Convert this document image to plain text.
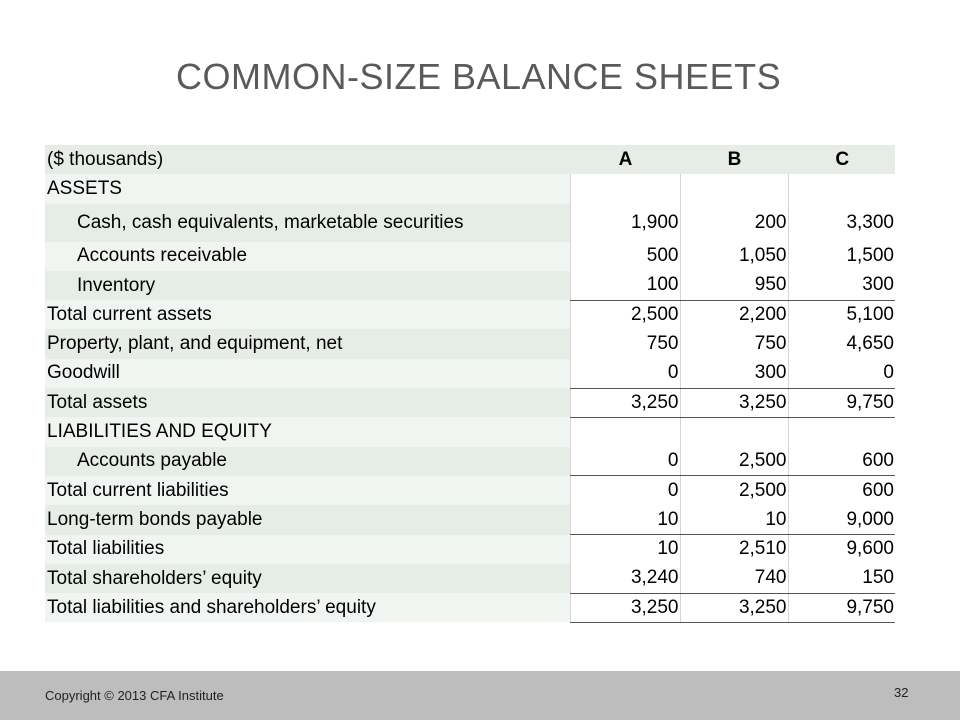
COMMON-SIZE BALANCE SHEETS
($ thousands)	A	B	C
ASSETS			
Cash, cash equivalents, marketable securities	1,900	200	3,300
Accounts receivable	500	1,050	1,500
Inventory	100	950	300
Total current assets	2,500	2,200	5,100
Property, plant, and equipment, net	750	750	4,650
Goodwill	0	300	0
Total assets	3,250	3,250	9,750
LIABILITIES AND EQUITY			
Accounts payable	0	2,500	600
Total current liabilities	0	2,500	600
Long-term bonds payable	10	10	9,000
Total liabilities	10	2,510	9,600
Total shareholders’ equity	3,240	740	150
Total liabilities and shareholders’ equity	3,250	3,250	9,750
Copyright © 2013 CFA Institute	32
